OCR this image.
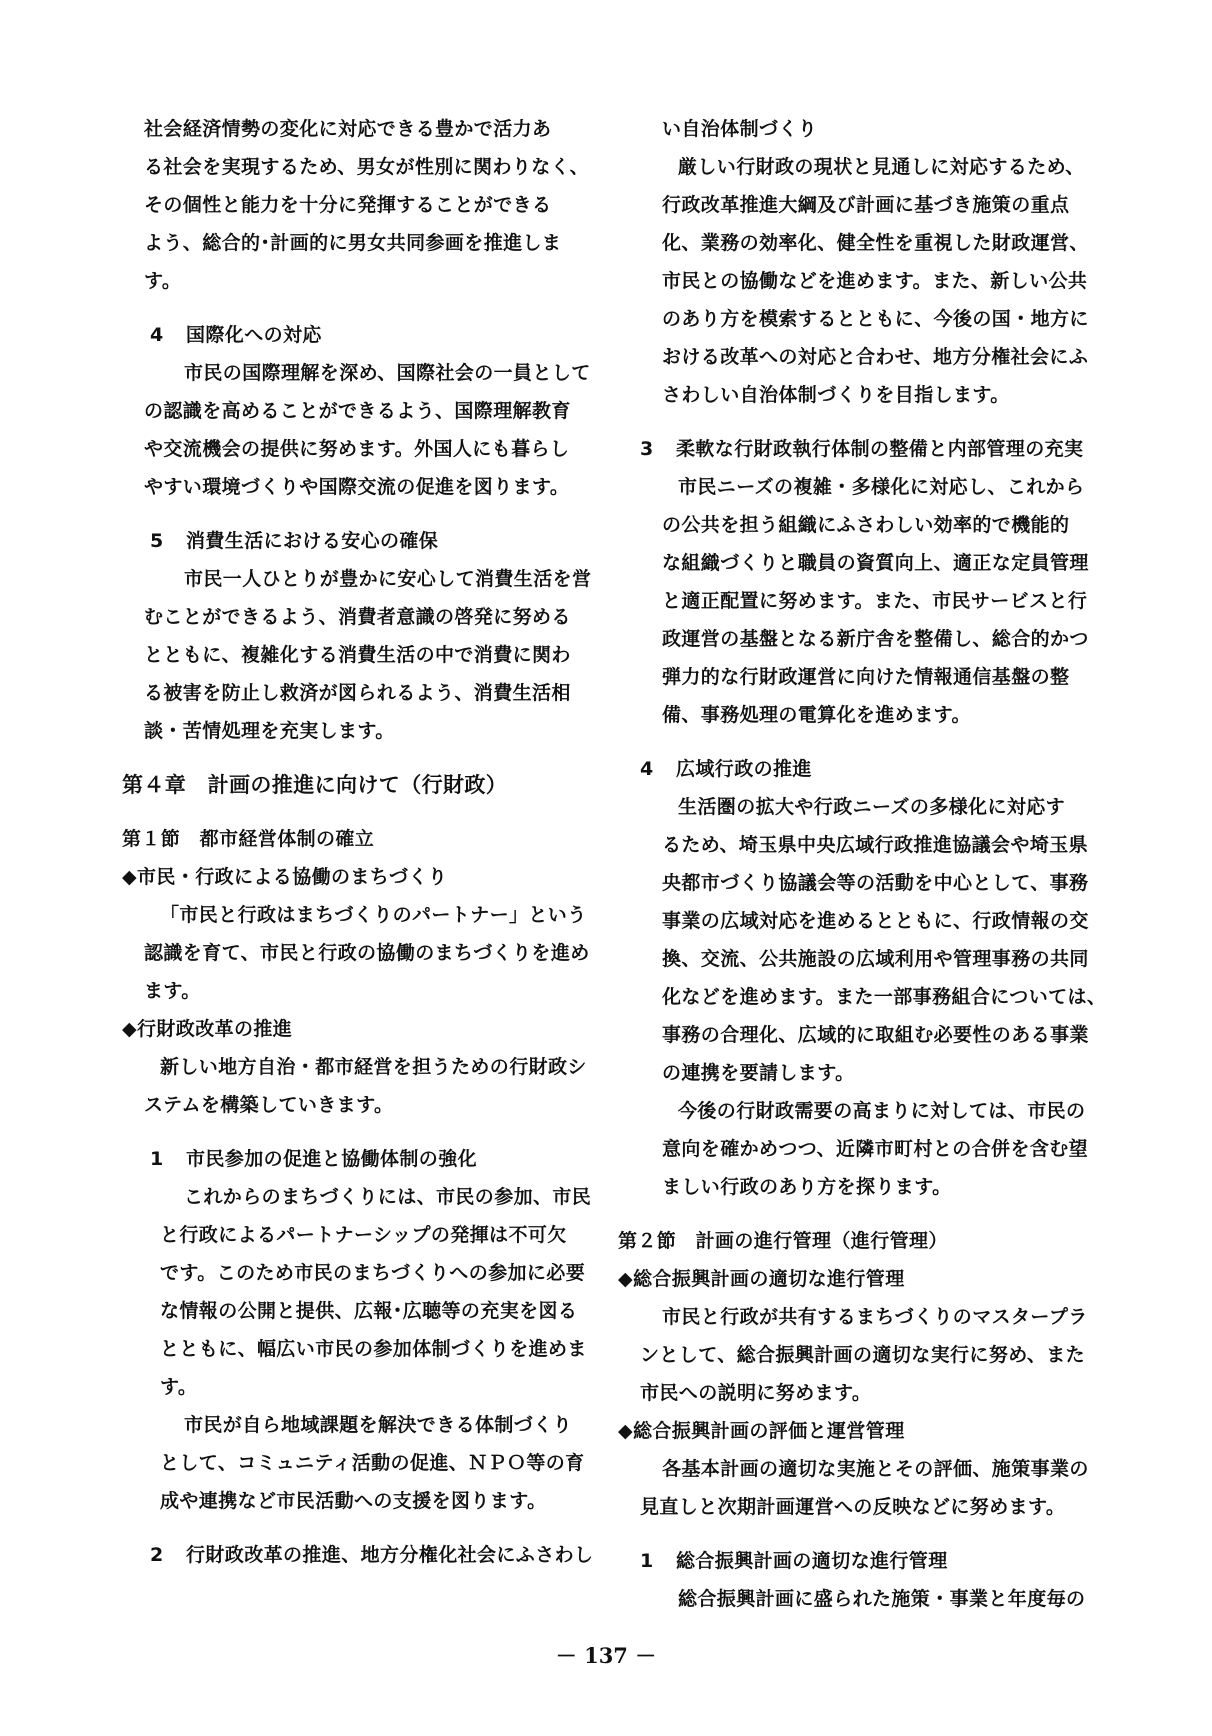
社会経済情勢の変化に対応できる豊かで活力あ

る社会を実現するため、男女が性別に関わりなく、

その個性と能力を十分に発揮することができる

よう、総合的･計画的に男女共同参画を推進しま

す。

4 国際化への対応

市民の国際理解を深め、国際社会の一員として

の認識を高めることができるよう、国際理解教育

や交流機会の提供に努めます。外国人にも暮らし

やすい環境づくりや国際交流の促進を図ります。

5 消費生活における安心の確保

市民一人ひとりが豊かに安心して消費生活を営

むことができるよう、消費者意識の啓発に努める

とともに、複雑化する消費生活の中で消費に関わ

る被害を防止し救済が図られるよう、消費生活相

談・苦情処理を充実します。

第４章　計画の推進に向けて（行財政）

第１節　都市経営体制の確立

◆市民・行政による協働のまちづくり

「市民と行政はまちづくりのパートナー」という

認識を育て、市民と行政の協働のまちづくりを進め

ます。

◆行財政改革の推進

新しい地方自治・都市経営を担うための行財政シ

ステムを構築していきます。

1 市民参加の促進と協働体制の強化

これからのまちづくりには、市民の参加、市民

と行政によるパートナーシップの発揮は不可欠

です。このため市民のまちづくりへの参加に必要

な情報の公開と提供、広報･広聴等の充実を図る

とともに、幅広い市民の参加体制づくりを進めま

す。

市民が自ら地域課題を解決できる体制づくり

として、コミュニティ活動の促進、ＮＰＯ等の育

成や連携など市民活動への支援を図ります。

2 行財政改革の推進、地方分権化社会にふさわし

い自治体制づくり

厳しい行財政の現状と見通しに対応するため、

行政改革推進大綱及び計画に基づき施策の重点

化、業務の効率化、健全性を重視した財政運営、

市民との協働などを進めます。また、新しい公共

のあり方を模索するとともに、今後の国・地方に

おける改革への対応と合わせ、地方分権社会にふ

さわしい自治体制づくりを目指します。

3 柔軟な行財政執行体制の整備と内部管理の充実

市民ニーズの複雑・多様化に対応し、これから

の公共を担う組織にふさわしい効率的で機能的

な組織づくりと職員の資質向上、適正な定員管理

と適正配置に努めます。また、市民サービスと行

政運営の基盤となる新庁舎を整備し、総合的かつ

弾力的な行財政運営に向けた情報通信基盤の整

備、事務処理の電算化を進めます。

4 広域行政の推進

生活圏の拡大や行政ニーズの多様化に対応す

るため、埼玉県中央広域行政推進協議会や埼玉県

央都市づくり協議会等の活動を中心として、事務

事業の広域対応を進めるとともに、行政情報の交

換、交流、公共施設の広域利用や管理事務の共同

化などを進めます。また一部事務組合については、

事務の合理化、広域的に取組む必要性のある事業

の連携を要請します。

今後の行財政需要の高まりに対しては、市民の

意向を確かめつつ、近隣市町村との合併を含む望

ましい行政のあり方を探ります。

第２節　計画の進行管理（進行管理）

◆総合振興計画の適切な進行管理

市民と行政が共有するまちづくりのマスタープラ

ンとして、総合振興計画の適切な実行に努め、また

市民への説明に努めます。

◆総合振興計画の評価と運営管理

各基本計画の適切な実施とその評価、施策事業の

見直しと次期計画運営への反映などに努めます。

1 総合振興計画の適切な進行管理

総合振興計画に盛られた施策・事業と年度毎の

－ 137 －
